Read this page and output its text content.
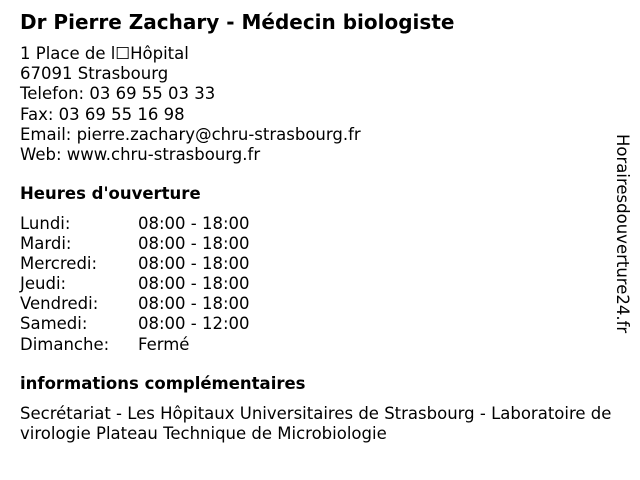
Dr Pierre Zachary - Médecin biologiste
1 Place de l☐Hôpital
67091 Strasbourg
Telefon: 03 69 55 03 33
Fax: 03 69 55 16 98
Email: pierre.zachary@chru-strasbourg.fr
Web: www.chru-strasbourg.fr
Heures d'ouverture
Lundi:	08:00 - 18:00
Mardi:	08:00 - 18:00
Mercredi: 08:00 - 18:00
Jeudi:	08:00 - 18:00
Vendredi: 08:00 - 18:00
Samedi:	08:00 - 12:00
Dimanche: Fermé
informations complémentaires
Secrétariat - Les Hôpitaux Universitaires de Strasbourg - Laboratoire de virologie Plateau Technique de Microbiologie
Horairesdouverture24.fr
